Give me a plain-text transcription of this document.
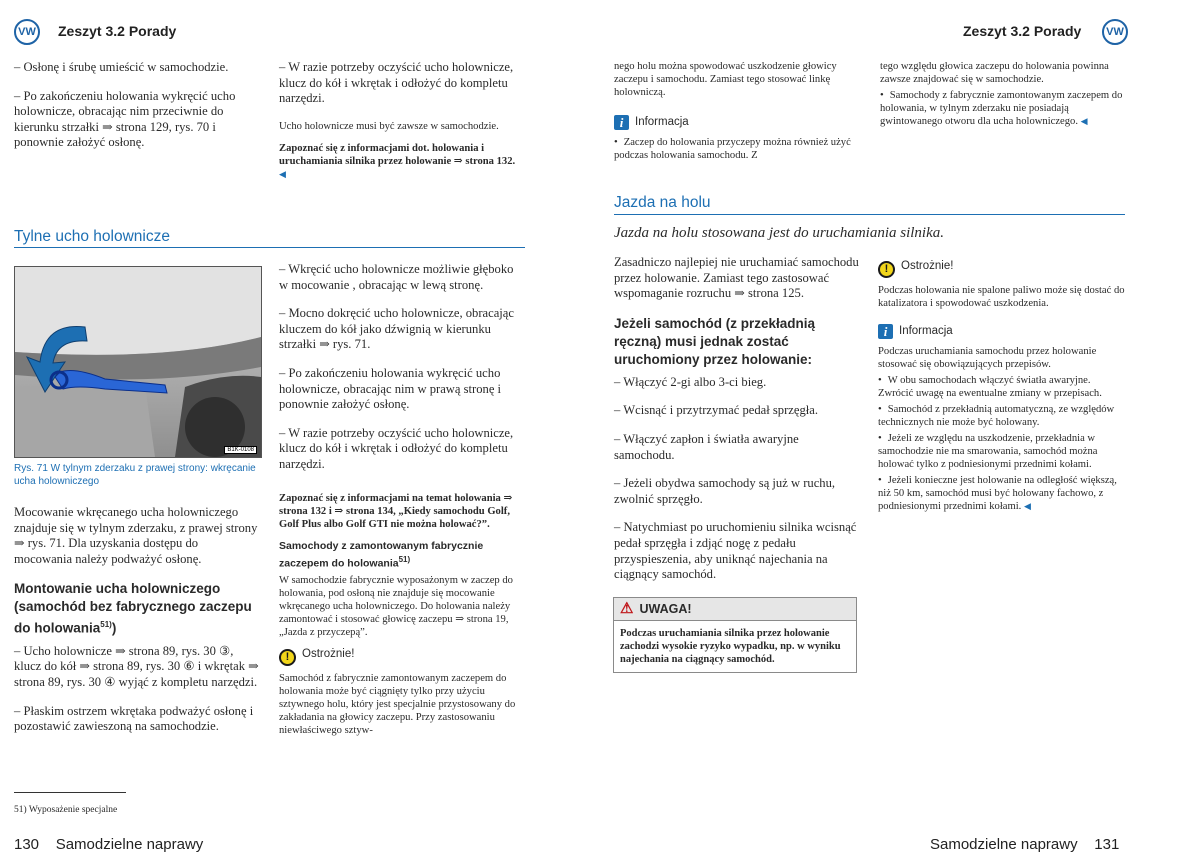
VW Zeszyt 3.2 Porady

– Osłonę i śrubę umieścić w samochodzie.

– Po zakończeniu holowania wykręcić ucho holownicze, obracając nim przeciwnie do kierunku strzałki ⇒ strona 129, rys. 70 i ponownie założyć osłonę.

– W razie potrzeby oczyścić ucho holownicze, klucz do kół i wkrętak i odłożyć do kompletu narzędzi.

Ucho holownicze musi być zawsze w samochodzie.

Zapoznać się z informacjami dot. holowania i uruchamiania silnika przez holowanie ⇒ strona 132. ◀

Tylne ucho holownicze
B1K-0108
Rys. 71 W tylnym zderzaku z prawej strony: wkręcanie ucha holowniczego

Mocowanie wkręcanego ucha holowniczego znajduje się w tylnym zderzaku, z prawej strony ⇒ rys. 71. Dla uzyskania dostępu do mocowania należy podważyć osłonę.

Montowanie ucha holowniczego (samochód bez fabrycznego zaczepu do holowania$^{51)}$)

– Ucho holownicze ⇒ strona 89, rys. 30 ③, klucz do kół ⇒ strona 89, rys. 30 ⑥ i wkrętak ⇒ strona 89, rys. 30 ④ wyjąć z kompletu narzędzi.

– Płaskim ostrzem wkrętaka podważyć osłonę i pozostawić zawieszoną na samochodzie.

– Wkręcić ucho holownicze możliwie głęboko w mocowanie , obracając w lewą stronę.

– Mocno dokręcić ucho holownicze, obracając kluczem do kół jako dźwignią w kierunku strzałki ⇒ rys. 71.

– Po zakończeniu holowania wykręcić ucho holownicze, obracając nim w prawą stronę i ponownie założyć osłonę.

– W razie potrzeby oczyścić ucho holownicze, klucz do kół i wkrętak i odłożyć do kompletu narzędzi.

Zapoznać się z informacjami na temat holowania ⇒ strona 132 i ⇒ strona 134, „Kiedy samochodu Golf, Golf Plus albo Golf GTI nie można holować?”.

Samochody z zamontowanym fabrycznie zaczepem do holowania$^{51)}$

W samochodzie fabrycznie wyposażonym w zaczep do holowania, pod osłoną nie znajduje się mocowanie wkręcanego ucha holowniczego. Do holowania należy zamontować i stosować głowicę zaczepu ⇒ strona 19, „Jazda z przyczepą”.

! Ostrożnie!

Samochód z fabrycznie zamontowanym zaczepem do holowania może być ciągnięty tylko przy użyciu sztywnego holu, który jest specjalnie przystosowany do zakładania na głowicy zaczepu. Przy zastosowaniu niewłaściwego sztyw-

51) Wyposażenie specjalne
130    Samodzielne naprawy
Zeszyt 3.2 Porady	VW

nego holu można spowodować uszkodzenie głowicy zaczepu i samochodu. Zamiast tego stosować linkę holowniczą.

i Informacja

• Zaczep do holowania przyczepy można również użyć podczas holowania samochodu. Z

tego względu głowica zaczepu do holowania powinna zawsze znajdować się w samochodzie.

• Samochody z fabrycznie zamontowanym zaczepem do holowania, w tylnym zderzaku nie posiadają gwintowanego otworu dla ucha holowniczego. ◀

Jazda na holu
Jazda na holu stosowana jest do uruchamiania silnika.

Zasadniczo najlepiej nie uruchamiać samochodu przez holowanie. Zamiast tego zastosować wspomaganie rozruchu ⇒ strona 125.

Jeżeli samochód (z przekładnią ręczną) musi jednak zostać uruchomiony przez holowanie:

– Włączyć 2-gi albo 3-ci bieg.

– Wcisnąć i przytrzymać pedał sprzęgła.

– Włączyć zapłon i światła awaryjne samochodu.

– Jeżeli obydwa samochody są już w ruchu, zwolnić sprzęgło.

– Natychmiast po uruchomieniu silnika wcisnąć pedał sprzęgła i zdjąć nogę z pedału przyspieszenia, aby uniknąć najechania na ciągnący samochód.

⚠ UWAGA!
Podczas uruchamiania silnika przez holowanie zachodzi wysokie ryzyko wypadku, np. w wyniku najechania na ciągnący samochód.
! Ostrożnie!

Podczas holowania nie spalone paliwo może się dostać do katalizatora i spowodować uszkodzenia.

i Informacja

Podczas uruchamiania samochodu przez holowanie stosować się obowiązujących przepisów.

• W obu samochodach włączyć światła awaryjne. Zwrócić uwagę na ewentualne zmiany w przepisach.

• Samochód z przekładnią automatyczną, ze względów technicznych nie może być holowany.

• Jeżeli ze względu na uszkodzenie, przekładnia w samochodzie nie ma smarowania, samochód można holować tylko z podniesionymi przednimi kołami.

• Jeżeli konieczne jest holowanie na odległość większą, niż 50 km, samochód musi być holowany fachowo, z podniesionymi przednimi kołami. ◀

Samodzielne naprawy    131
